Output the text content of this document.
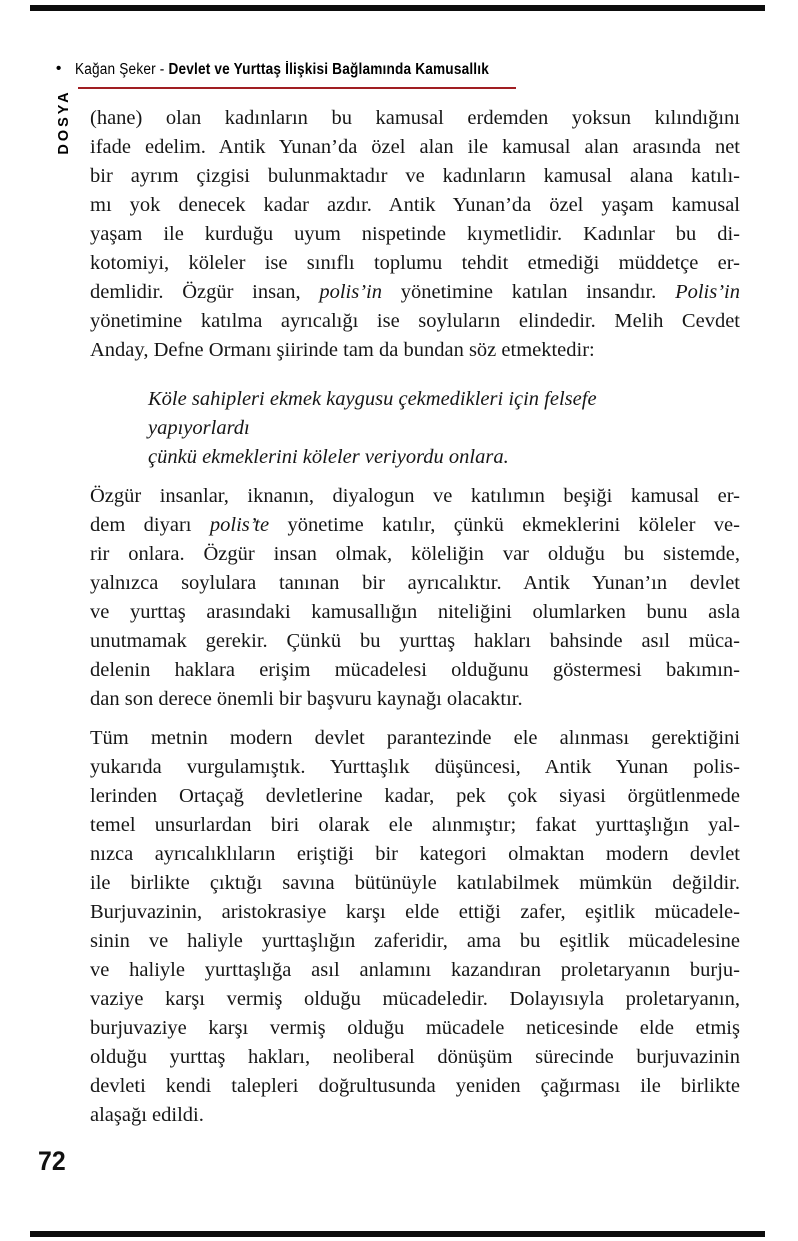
• Kağan Şeker - Devlet ve Yurttaş İlişkisi Bağlamında Kamusallık
DOSYA (hane) olan kadınların bu kamusal erdemden yoksun kılındığını
ifade edelim. Antik Yunan’da özel alan ile kamusal alan arasında net
bir ayrım çizgisi bulunmaktadır ve kadınların kamusal alana katılı-
mı yok denecek kadar azdır. Antik Yunan’da özel yaşam kamusal
yaşam ile kurduğu uyum nispetinde kıymetlidir. Kadınlar bu di-
kotomiyi, köleler ise sınıflı toplumu tehdit etmediği müddetçe er-
demlidir. Özgür insan, polis’in yönetimine katılan insandır. Polis’in
yönetimine katılma ayrıcalığı ise soyluların elindedir. Melih Cevdet
Anday, Defne Ormanı şiirinde tam da bundan söz etmektedir:
Köle sahipleri ekmek kaygusu çekmedikleri için felsefe
yapıyorlardı
çünkü ekmeklerini köleler veriyordu onlara.
Özgür insanlar, iknanın, diyalogun ve katılımın beşiği kamusal er-
dem diyarı polis’te yönetime katılır, çünkü ekmeklerini köleler ve-
rir onlara. Özgür insan olmak, köleliğin var olduğu bu sistemde,
yalnızca soylulara tanınan bir ayrıcalıktır. Antik Yunan’ın devlet
ve yurttaş arasındaki kamusallığın niteliğini olumlarken bunu asla
unutmamak gerekir. Çünkü bu yurttaş hakları bahsinde asıl müca-
delenin haklara erişim mücadelesi olduğunu göstermesi bakımın-
dan son derece önemli bir başvuru kaynağı olacaktır.
Tüm metnin modern devlet parantezinde ele alınması gerektiğini
yukarıda vurgulamıştık. Yurttaşlık düşüncesi, Antik Yunan polis-
lerinden Ortaçağ devletlerine kadar, pek çok siyasi örgütlenmede
temel unsurlardan biri olarak ele alınmıştır; fakat yurttaşlığın yal-
nızca ayrıcalıklıların eriştiği bir kategori olmaktan modern devlet
ile birlikte çıktığı savına bütünüyle katılabilmek mümkün değildir.
Burjuvazinin, aristokrasiye karşı elde ettiği zafer, eşitlik mücadele-
sinin ve haliyle yurttaşlığın zaferidir, ama bu eşitlik mücadelesine
ve haliyle yurttaşlığa asıl anlamını kazandıran proletaryanın burju-
vaziye karşı vermiş olduğu mücadeledir. Dolayısıyla proletaryanın,
burjuvaziye karşı vermiş olduğu mücadele neticesinde elde etmiş
olduğu yurttaş hakları, neoliberal dönüşüm sürecinde burjuvazinin
devleti kendi talepleri doğrultusunda yeniden çağırması ile birlikte
alaşağı edildi.
72
